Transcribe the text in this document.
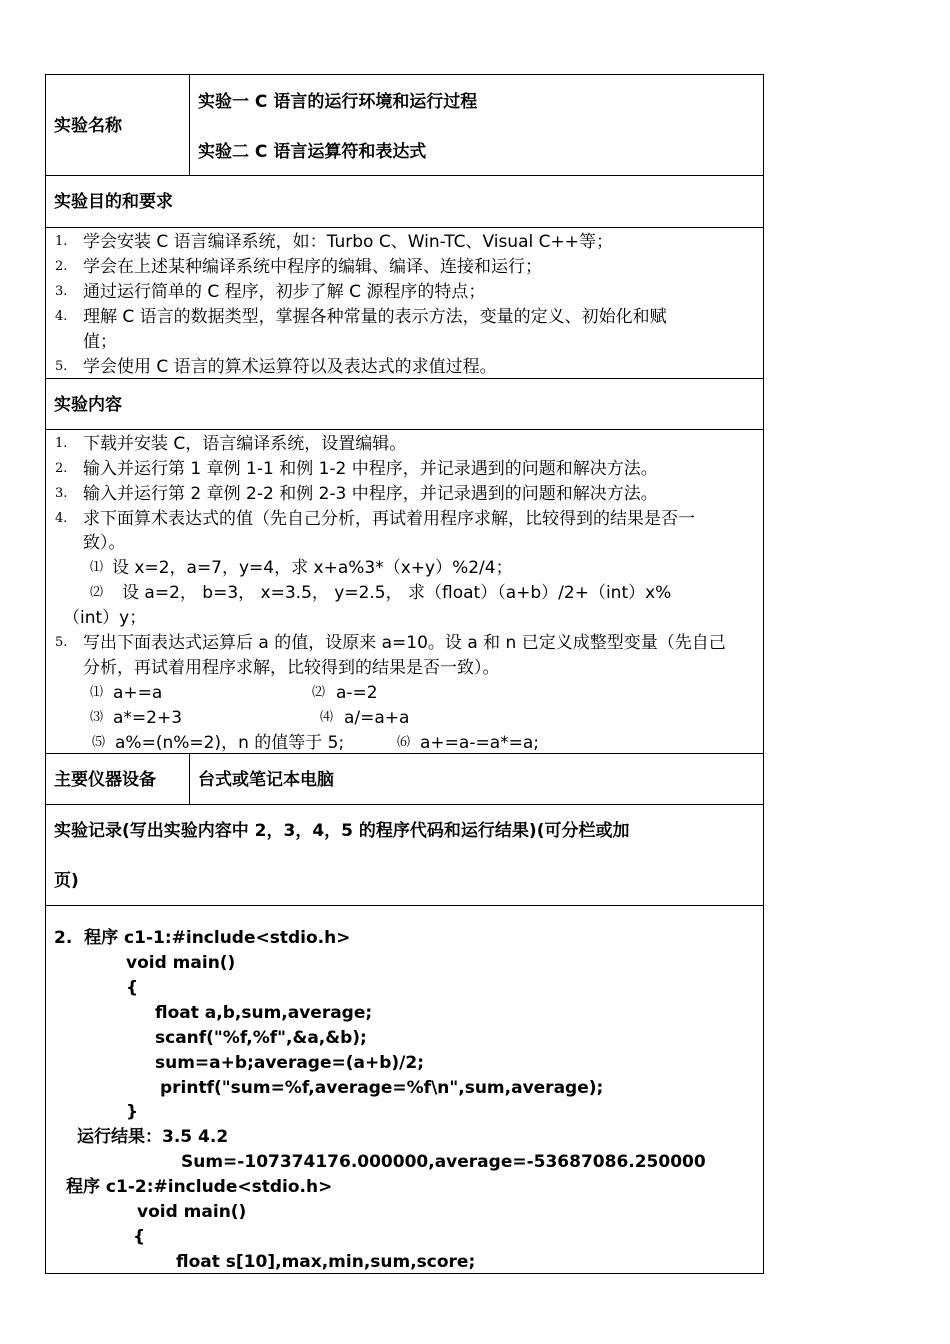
实验名称
实验一 C 语言的运行环境和运行过程
实验二 C 语言运算符和表达式
实验目的和要求
1. 学会安装 C 语言编译系统，如：Turbo C、Win-TC、Visual C++等；
2. 学会在上述某种编译系统中程序的编辑、编译、连接和运行；
3. 通过运行简单的 C 程序，初步了解 C 源程序的特点；
4. 理解 C 语言的数据类型，掌握各种常量的表示方法，变量的定义、初始化和赋
值；
5. 学会使用 C 语言的算术运算符以及表达式的求值过程。
实验内容
1. 下载并安装 C，语言编译系统，设置编辑。
2. 输入并运行第 1 章例 1-1 和例 1-2 中程序，并记录遇到的问题和解决方法。
3. 输入并运行第 2 章例 2-2 和例 2-3 中程序，并记录遇到的问题和解决方法。
4. 求下面算术表达式的值（先自己分析，再试着用程序求解，比较得到的结果是否一
致）。
⑴ 设 x=2，a=7，y=4，求 x+a%3*（x+y）%2/4；
⑵ 设 a=2， b=3， x=3.5， y=2.5， 求（float）（a+b）/2+（int）x%
（int）y；
5. 写出下面表达式运算后 a 的值，设原来 a=10。设 a 和 n 已定义成整型变量（先自己
分析，再试着用程序求解，比较得到的结果是否一致）。
⑴ a+=a	⑵ a-=2
⑶ a*=2+3	⑷ a/=a+a
⑸ a%=(n%=2)，n 的值等于 5;	⑹ a+=a-=a*=a;
主要仪器设备 台式或笔记本电脑
实验记录(写出实验内容中 2，3，4，5 的程序代码和运行结果)(可分栏或加
页)
2.  程序 c1-1:#include<stdio.h>
void main()
{
float a,b,sum,average;
scanf("%f,%f",&a,&b);
sum=a+b;average=(a+b)/2;
printf("sum=%f,average=%f\n",sum,average);
}
运行结果：3.5 4.2
Sum=-107374176.000000,average=-53687086.250000
程序 c1-2:#include<stdio.h>
void main()
{
float s[10],max,min,sum,score;
